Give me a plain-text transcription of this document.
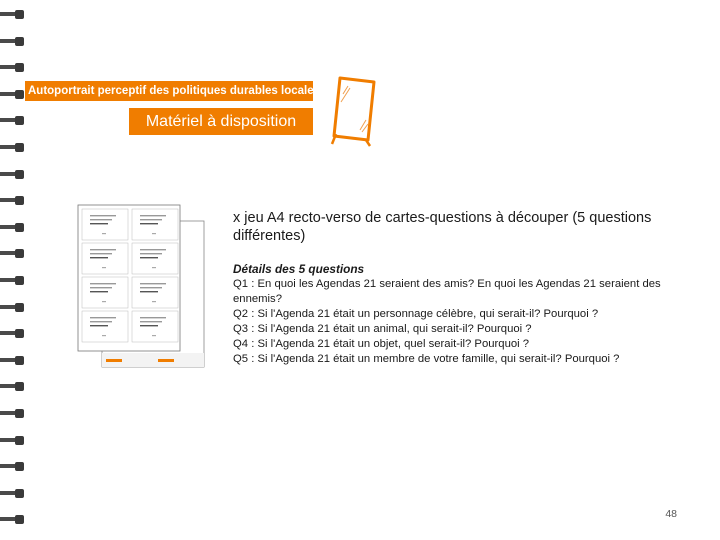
Autoportrait perceptif des politiques durables locales
Matériel à disposition
x jeu A4 recto-verso de cartes-questions à découper (5 questions différentes)
Détails des 5 questions
Q1 : En quoi les Agendas 21 seraient des amis? En quoi les Agendas 21 seraient des ennemis?
Q2 : Si l'Agenda 21 était un personnage célèbre, qui serait-il? Pourquoi ?
Q3 : Si l'Agenda 21 était un animal, qui serait-il? Pourquoi ?
Q4 : Si l'Agenda 21 était un objet, quel serait-il? Pourquoi ?
Q5 : Si l'Agenda 21 était un membre de votre famille, qui serait-il? Pourquoi ?
48
